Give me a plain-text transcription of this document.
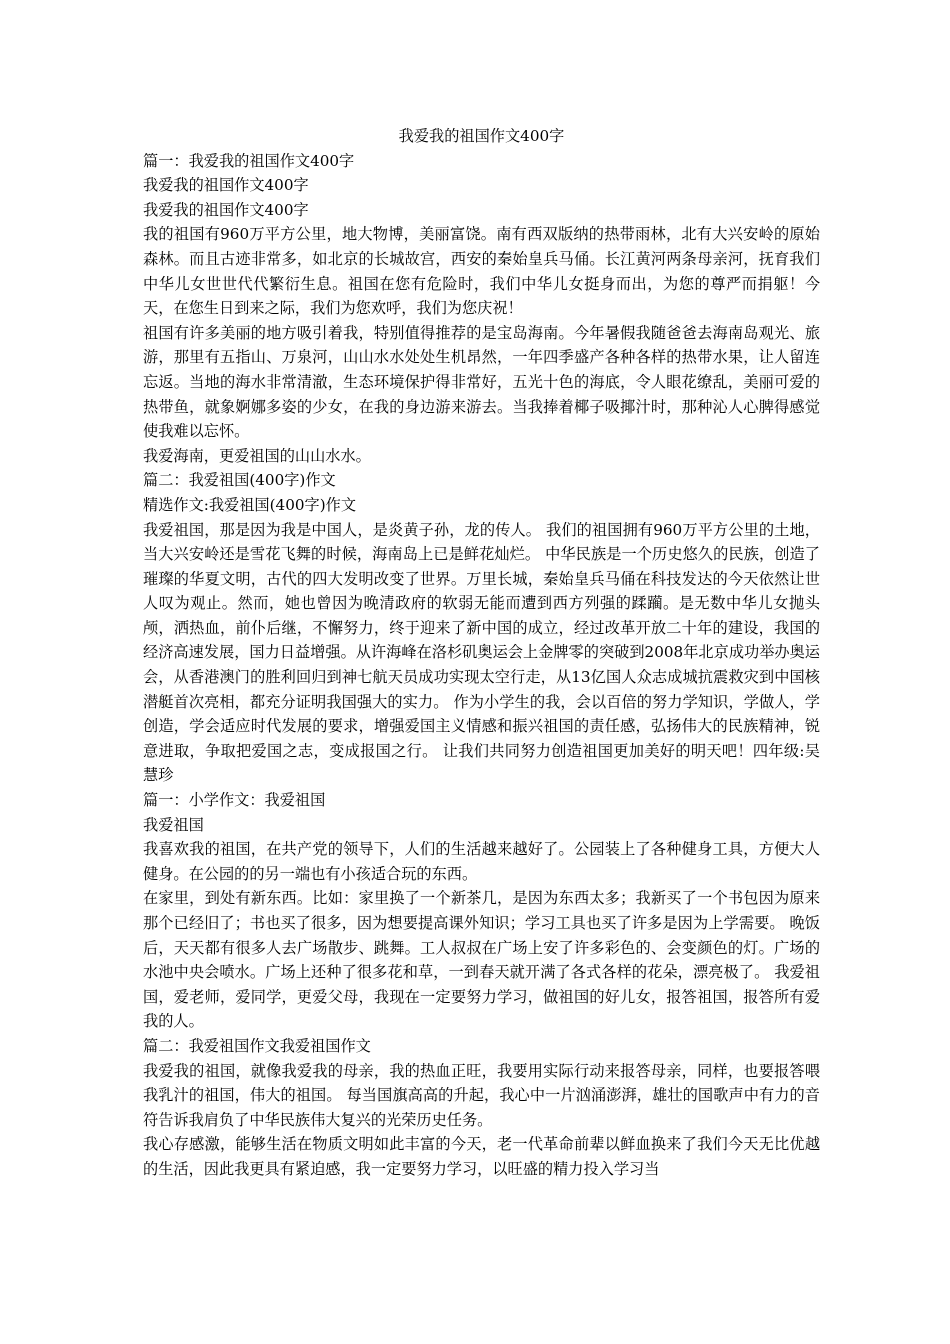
我爱我的祖国作文400字

篇一：我爱我的祖国作文400字

我爱我的祖国作文400字

我爱我的祖国作文400字

我的祖国有960万平方公里，地大物博，美丽富饶。南有西双版纳的热带雨林，北有大兴安岭的原始森林。而且古迹非常多，如北京的长城故宫，西安的秦始皇兵马俑。长江黄河两条母亲河，抚育我们中华儿女世世代代繁衍生息。祖国在您有危险时，我们中华儿女挺身而出，为您的尊严而捐躯！今天，在您生日到来之际，我们为您欢呼，我们为您庆祝！

祖国有许多美丽的地方吸引着我，特别值得推荐的是宝岛海南。今年暑假我随爸爸去海南岛观光、旅游，那里有五指山、万泉河，山山水水处处生机昂然，一年四季盛产各种各样的热带水果，让人留连忘返。当地的海水非常清澈，生态环境保护得非常好，五光十色的海底，令人眼花缭乱，美丽可爱的热带鱼，就象婀娜多姿的少女，在我的身边游来游去。当我捧着椰子吸揶汁时，那种沁人心脾得感觉使我难以忘怀。

我爱海南，更爱祖国的山山水水。

篇二：我爱祖国(400字)作文

精选作文:我爱祖国(400字)作文

我爱祖国，那是因为我是中国人，是炎黄子孙，龙的传人。 我们的祖国拥有960万平方公里的土地，当大兴安岭还是雪花飞舞的时候，海南岛上已是鲜花灿烂。 中华民族是一个历史悠久的民族，创造了璀璨的华夏文明，古代的四大发明改变了世界。万里长城，秦始皇兵马俑在科技发达的今天依然让世人叹为观止。然而，她也曾因为晚清政府的软弱无能而遭到西方列强的蹂躏。是无数中华儿女抛头颅，洒热血，前仆后继，不懈努力，终于迎来了新中国的成立，经过改革开放二十年的建设，我国的经济高速发展，国力日益增强。从许海峰在洛杉矶奥运会上金牌零的突破到2008年北京成功举办奥运会，从香港澳门的胜利回归到神七航天员成功实现太空行走，从13亿国人众志成城抗震救灾到中国核潜艇首次亮相，都充分证明我国强大的实力。 作为小学生的我，会以百倍的努力学知识，学做人，学创造，学会适应时代发展的要求，增强爱国主义情感和振兴祖国的责任感，弘扬伟大的民族精神，锐意进取，争取把爱国之志，变成报国之行。 让我们共同努力创造祖国更加美好的明天吧！四年级:吴慧珍

篇一：小学作文：我爱祖国

我爱祖国

我喜欢我的祖国，在共产党的领导下，人们的生活越来越好了。公园装上了各种健身工具，方便大人健身。在公园的的另一端也有小孩适合玩的东西。

在家里，到处有新东西。比如：家里换了一个新茶几，是因为东西太多；我新买了一个书包因为原来那个已经旧了；书也买了很多，因为想要提高课外知识；学习工具也买了许多是因为上学需要。 晚饭后，天天都有很多人去广场散步、跳舞。工人叔叔在广场上安了许多彩色的、会变颜色的灯。广场的水池中央会喷水。广场上还种了很多花和草，一到春天就开满了各式各样的花朵，漂亮极了。 我爱祖国，爱老师，爱同学，更爱父母，我现在一定要努力学习，做祖国的好儿女，报答祖国，报答所有爱我的人。

篇二：我爱祖国作文我爱祖国作文

我爱我的祖国，就像我爱我的母亲，我的热血正旺，我要用实际行动来报答母亲，同样，也要报答喂我乳汁的祖国，伟大的祖国。 每当国旗高高的升起，我心中一片汹涌澎湃，雄壮的国歌声中有力的音符告诉我肩负了中华民族伟大复兴的光荣历史任务。

我心存感激，能够生活在物质文明如此丰富的今天，老一代革命前辈以鲜血换来了我们今天无比优越的生活，因此我更具有紧迫感，我一定要努力学习，以旺盛的精力投入学习当
